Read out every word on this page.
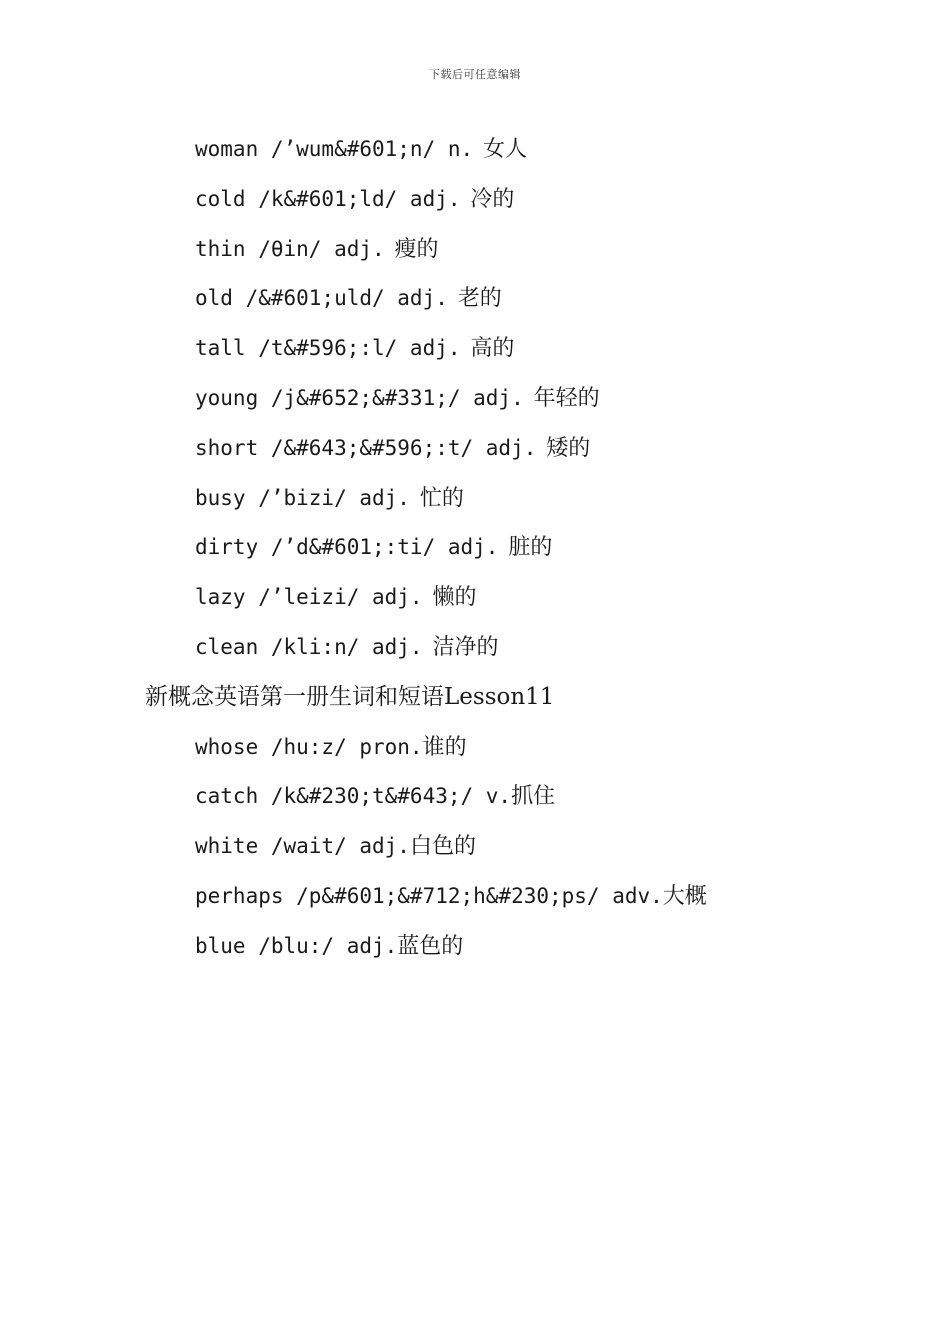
下载后可任意编辑
woman /’wum&#601;n/ n. 女人
cold /k&#601;ld/ adj. 冷的
thin /θin/ adj. 瘦的
old /&#601;uld/ adj. 老的
tall /t&#596;:l/ adj. 高的
young /j&#652;&#331;/ adj. 年轻的
short /&#643;&#596;:t/ adj. 矮的
busy /’bizi/ adj. 忙的
dirty /’d&#601;:ti/ adj. 脏的
lazy /’leizi/ adj. 懒的
clean /kli:n/ adj. 洁净的
新概念英语第一册生词和短语Lesson11
whose /hu:z/ pron.谁的
catch /k&#230;t&#643;/ v.抓住
white /wait/ adj.白色的
perhaps /p&#601;&#712;h&#230;ps/ adv.大概
blue /blu:/ adj.蓝色的
